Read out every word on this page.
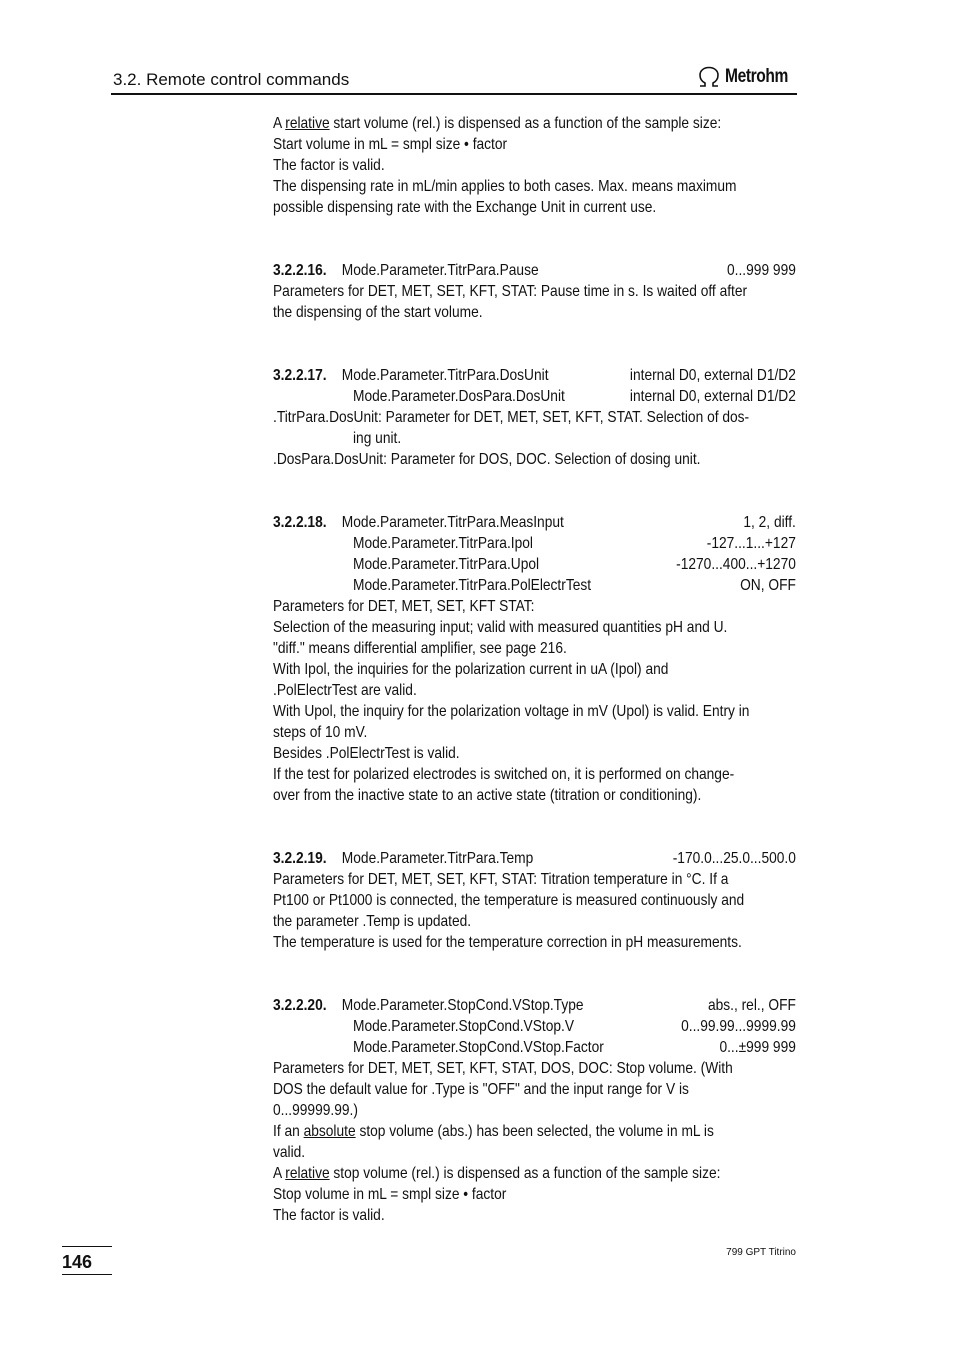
3.2. Remote control commands	Metrohm

A relative start volume (rel.) is dispensed as a function of the sample size:

Start volume in mL = smpl size • factor

The factor is valid.

The dispensing rate in mL/min applies to both cases. Max. means maximum

possible dispensing rate with the Exchange Unit in current use.

3.2.2.16. Mode.Parameter.TitrPara.Pause	0...999 999

Parameters for DET, MET, SET, KFT, STAT: Pause time in s. Is waited off after

the dispensing of the start volume.

3.2.2.17. Mode.Parameter.TitrPara.DosUnit	internal D0, external D1/D2
Mode.Parameter.DosPara.DosUnit	internal D0, external D1/D2

.TitrPara.DosUnit: Parameter for DET, MET, SET, KFT, STAT. Selection of dos-

ing unit.

.DosPara.DosUnit: Parameter for DOS, DOC. Selection of dosing unit.

3.2.2.18. Mode.Parameter.TitrPara.MeasInput	1, 2, diff.
Mode.Parameter.TitrPara.Ipol	-127...1...+127
Mode.Parameter.TitrPara.Upol	-1270...400...+1270
Mode.Parameter.TitrPara.PolElectrTest	ON, OFF

Parameters for DET, MET, SET, KFT STAT:

Selection of the measuring input; valid with measured quantities pH and U.

"diff." means differential amplifier, see page 216.

With Ipol, the inquiries for the polarization current in uA (Ipol) and

.PolElectrTest are valid.

With Upol, the inquiry for the polarization voltage in mV (Upol) is valid. Entry in

steps of 10 mV.

Besides .PolElectrTest is valid.

If the test for polarized electrodes is switched on, it is performed on change-

over from the inactive state to an active state (titration or conditioning).

3.2.2.19. Mode.Parameter.TitrPara.Temp	-170.0...25.0...500.0

Parameters for DET, MET, SET, KFT, STAT: Titration temperature in °C. If a

Pt100 or Pt1000 is connected, the temperature is measured continuously and

the parameter .Temp is updated.

The temperature is used for the temperature correction in pH measurements.

3.2.2.20. Mode.Parameter.StopCond.VStop.Type	abs., rel., OFF
Mode.Parameter.StopCond.VStop.V	0...99.99...9999.99
Mode.Parameter.StopCond.VStop.Factor	0...±999 999

Parameters for DET, MET, SET, KFT, STAT, DOS, DOC: Stop volume. (With

DOS the default value for .Type is "OFF" and the input range for V is

0...99999.99.)

If an absolute stop volume (abs.) has been selected, the volume in mL is

valid.

A relative stop volume (rel.) is dispensed as a function of the sample size:

Stop volume in mL = smpl size • factor

The factor is valid.

146	799 GPT Titrino
